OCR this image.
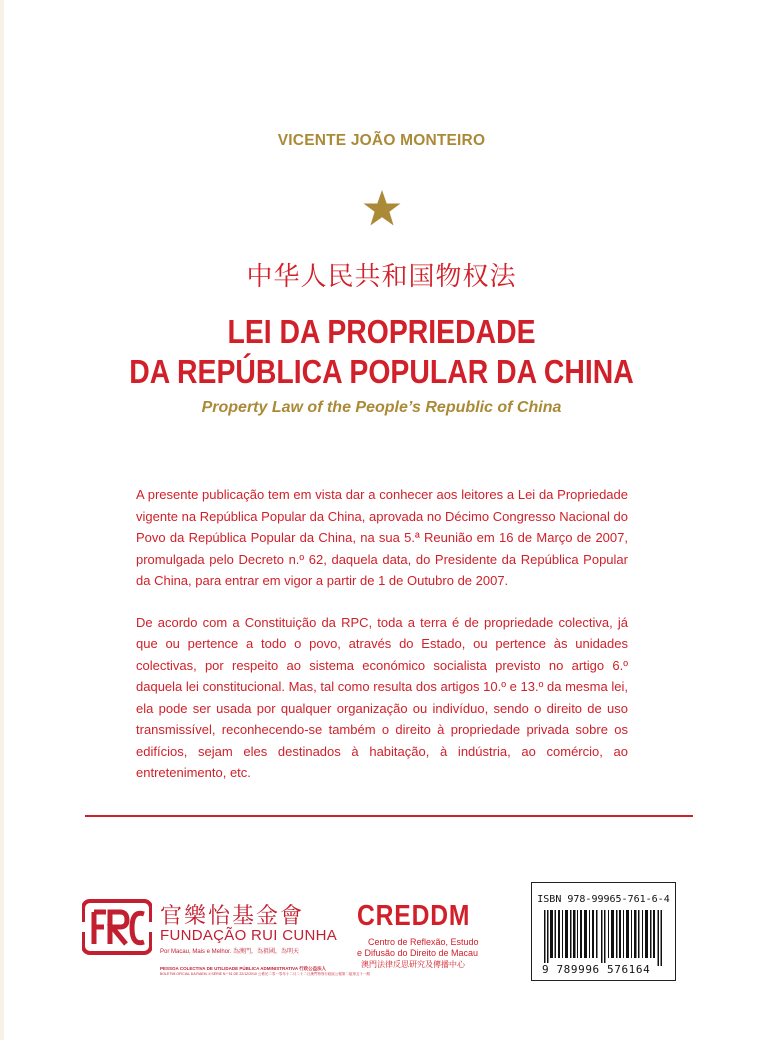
VICENTE JOÃO MONTEIRO
中华人民共和国物权法
LEI DA PROPRIEDADE
DA REPÚBLICA POPULAR DA CHINA
Property Law of the People’s Republic of China

A presente publicação tem em vista dar a conhecer aos leitores a Lei da Propriedade vigente na República Popular da China, aprovada no Décimo Congresso Nacional do Povo da República Popular da China, na sua 5.ª Reunião em 16 de Março de 2007, promulgada pelo Decreto n.º 62, daquela data, do Presidente da República Popular da China, para entrar em vigor a partir de 1 de Outubro de 2007.

De acordo com a Constituição da RPC, toda a terra é de propriedade colectiva, já que ou pertence a todo o povo, através do Estado, ou pertence às unidades colectivas, por respeito ao sistema económico socialista previsto no artigo 6.º daquela lei constitucional. Mas, tal como resulta dos artigos 10.º e 13.º da mesma lei, ela pode ser usada por qualquer organização ou indivíduo, sendo o direito de uso transmissível, reconhecendo-se também o direito à propriedade privada sobre os edifícios, sejam eles destinados à habitação, à indústria, ao comércio, ao entretenimento, etc.

官樂怡基金會
FUNDAÇÃO RUI CUNHA
Por Macau, Mais e Melhor. 為澳門，為祖國，為明天
PESSOA COLECTIVA DE UTILIDADE PÚBLICA ADMINISTRATIVA 行政公益法人
BOLETIM OFICIAL DA RAEM, II SÉRIE N.º 51 DE 22/12/2010 公佈於二零一零年十二月二十二日澳門特別行政區公報第二組第五十一期
CREDDM
Centro de Reflexão, Estudo
e Difusão do Direito de Macau
澳門法律反思研究及傳播中心
ISBN 978-99965-761-6-4
9 789996 576164
